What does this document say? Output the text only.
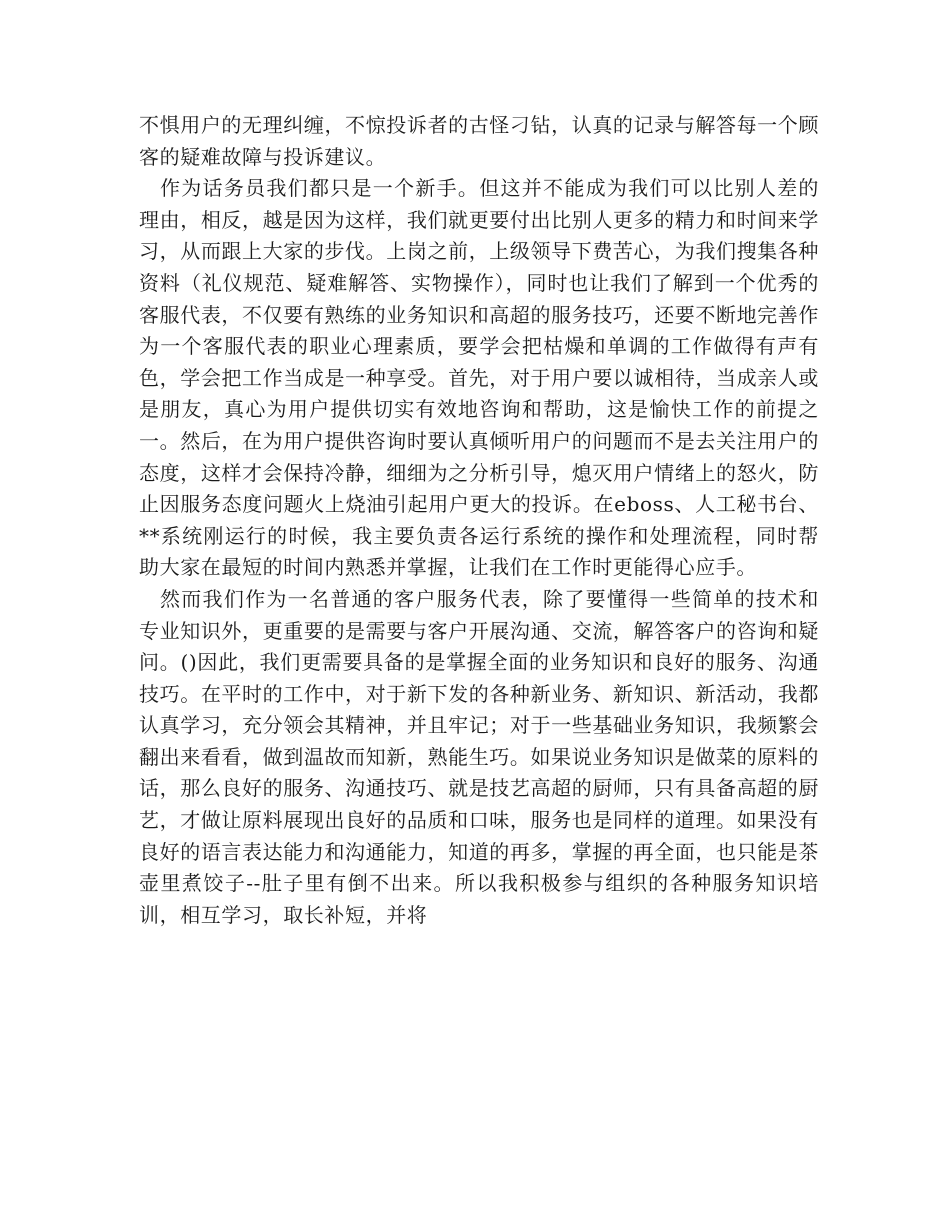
不惧用户的无理纠缠，不惊投诉者的古怪刁钻，认真的记录与解答每一个顾客的疑难故障与投诉建议。

作为话务员我们都只是一个新手。但这并不能成为我们可以比别人差的理由，相反，越是因为这样，我们就更要付出比别人更多的精力和时间来学习，从而跟上大家的步伐。上岗之前，上级领导下费苦心，为我们搜集各种资料（礼仪规范、疑难解答、实物操作），同时也让我们了解到一个优秀的客服代表，不仅要有熟练的业务知识和高超的服务技巧，还要不断地完善作为一个客服代表的职业心理素质，要学会把枯燥和单调的工作做得有声有色，学会把工作当成是一种享受。首先，对于用户要以诚相待，当成亲人或是朋友，真心为用户提供切实有效地咨询和帮助，这是愉快工作的前提之一。然后，在为用户提供咨询时要认真倾听用户的问题而不是去关注用户的态度，这样才会保持冷静，细细为之分析引导，熄灭用户情绪上的怒火，防止因服务态度问题火上烧油引起用户更大的投诉。在eboss、人工秘书台、**系统刚运行的时候，我主要负责各运行系统的操作和处理流程，同时帮助大家在最短的时间内熟悉并掌握，让我们在工作时更能得心应手。

然而我们作为一名普通的客户服务代表，除了要懂得一些简单的技术和专业知识外，更重要的是需要与客户开展沟通、交流，解答客户的咨询和疑问。()因此，我们更需要具备的是掌握全面的业务知识和良好的服务、沟通技巧。在平时的工作中，对于新下发的各种新业务、新知识、新活动，我都认真学习，充分领会其精神，并且牢记；对于一些基础业务知识，我频繁会翻出来看看，做到温故而知新，熟能生巧。如果说业务知识是做菜的原料的话，那么良好的服务、沟通技巧、就是技艺高超的厨师，只有具备高超的厨艺，才做让原料展现出良好的品质和口味，服务也是同样的道理。如果没有良好的语言表达能力和沟通能力，知道的再多，掌握的再全面，也只能是茶壶里煮饺子--肚子里有倒不出来。所以我积极参与组织的各种服务知识培训，相互学习，取长补短，并将
